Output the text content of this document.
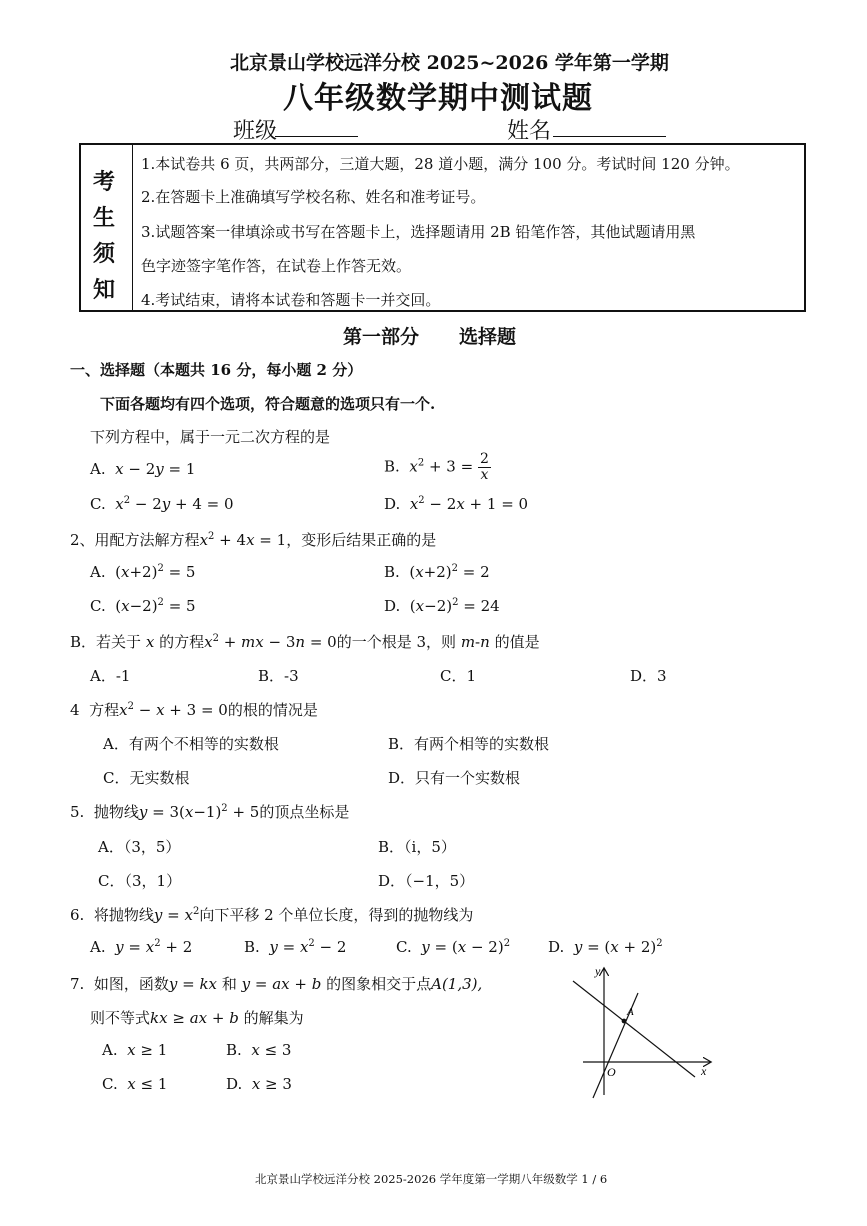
北京景山学校远洋分校 2025~2026 学年第一学期
八年级数学期中测试题
班级	姓名
考
生
须
知
1.本试卷共 6 页，共两部分，三道大题，28 道小题，满分 100 分。考试时间 120 分钟。
2.在答题卡上准确填写学校名称、姓名和准考证号。
3.试题答案一律填涂或书写在答题卡上，选择题请用 2B 铅笔作答，其他试题请用黑
色字迹签字笔作答，在试卷上作答无效。
4.考试结束，请将本试卷和答题卡一并交回。
第一部分 选择题
一、选择题（本题共 16 分，每小题 2 分）
下面各题均有四个选项，符合题意的选项只有一个.
下列方程中，属于一元二次方程的是
A. x − 2y = 1	B. $x^2 + 3 = \frac{2}{x}$
C. $x^2 - 2y + 4 = 0$	D. $x^2 - 2x + 1 = 0$
2、用配方法解方程$x^2 + 4x = 1$，变形后结果正确的是
A.  $(x+2)^2 = 5$	B.  $(x+2)^2 = 2$
C.  $(x-2)^2 = 5$	D.  $(x-2)^2 = 24$
B．若关于 x 的方程$x^2$ + mx − 3n = 0的一个根是 3，则 m-n 的值是
A．-1	B．-3	C．1	D．3
4 方程$x^2 - x + 3 = 0$的根的情况是
A．有两个不相等的实数根	B．有两个相等的实数根
C．无实数根	D．只有一个实数根
5. 抛物线$y = 3(x-1)^2 + 5$的顶点坐标是
A．（3，5）	B．（i，5）
C．（3，1）	D．（−1，5）
6. 将抛物线$y = x^2$向下平移 2 个单位长度，得到的抛物线为
A. $y = x^2 + 2$	B. $y = x^2 - 2$	C. $y = (x - 2)^2$	D. $y = (x + 2)^2$
7. 如图，函数y = kx 和 y = ax + b 的图象相交于点A(1,3),
则不等式kx ≥ ax + b 的解集为
A. x ≥ 1	B. x ≤ 3
C. x ≤ 1	D. x ≥ 3
y
x
O
A
北京景山学校远洋分校 2025-2026 学年度第一学期八年级数学 1 / 6
